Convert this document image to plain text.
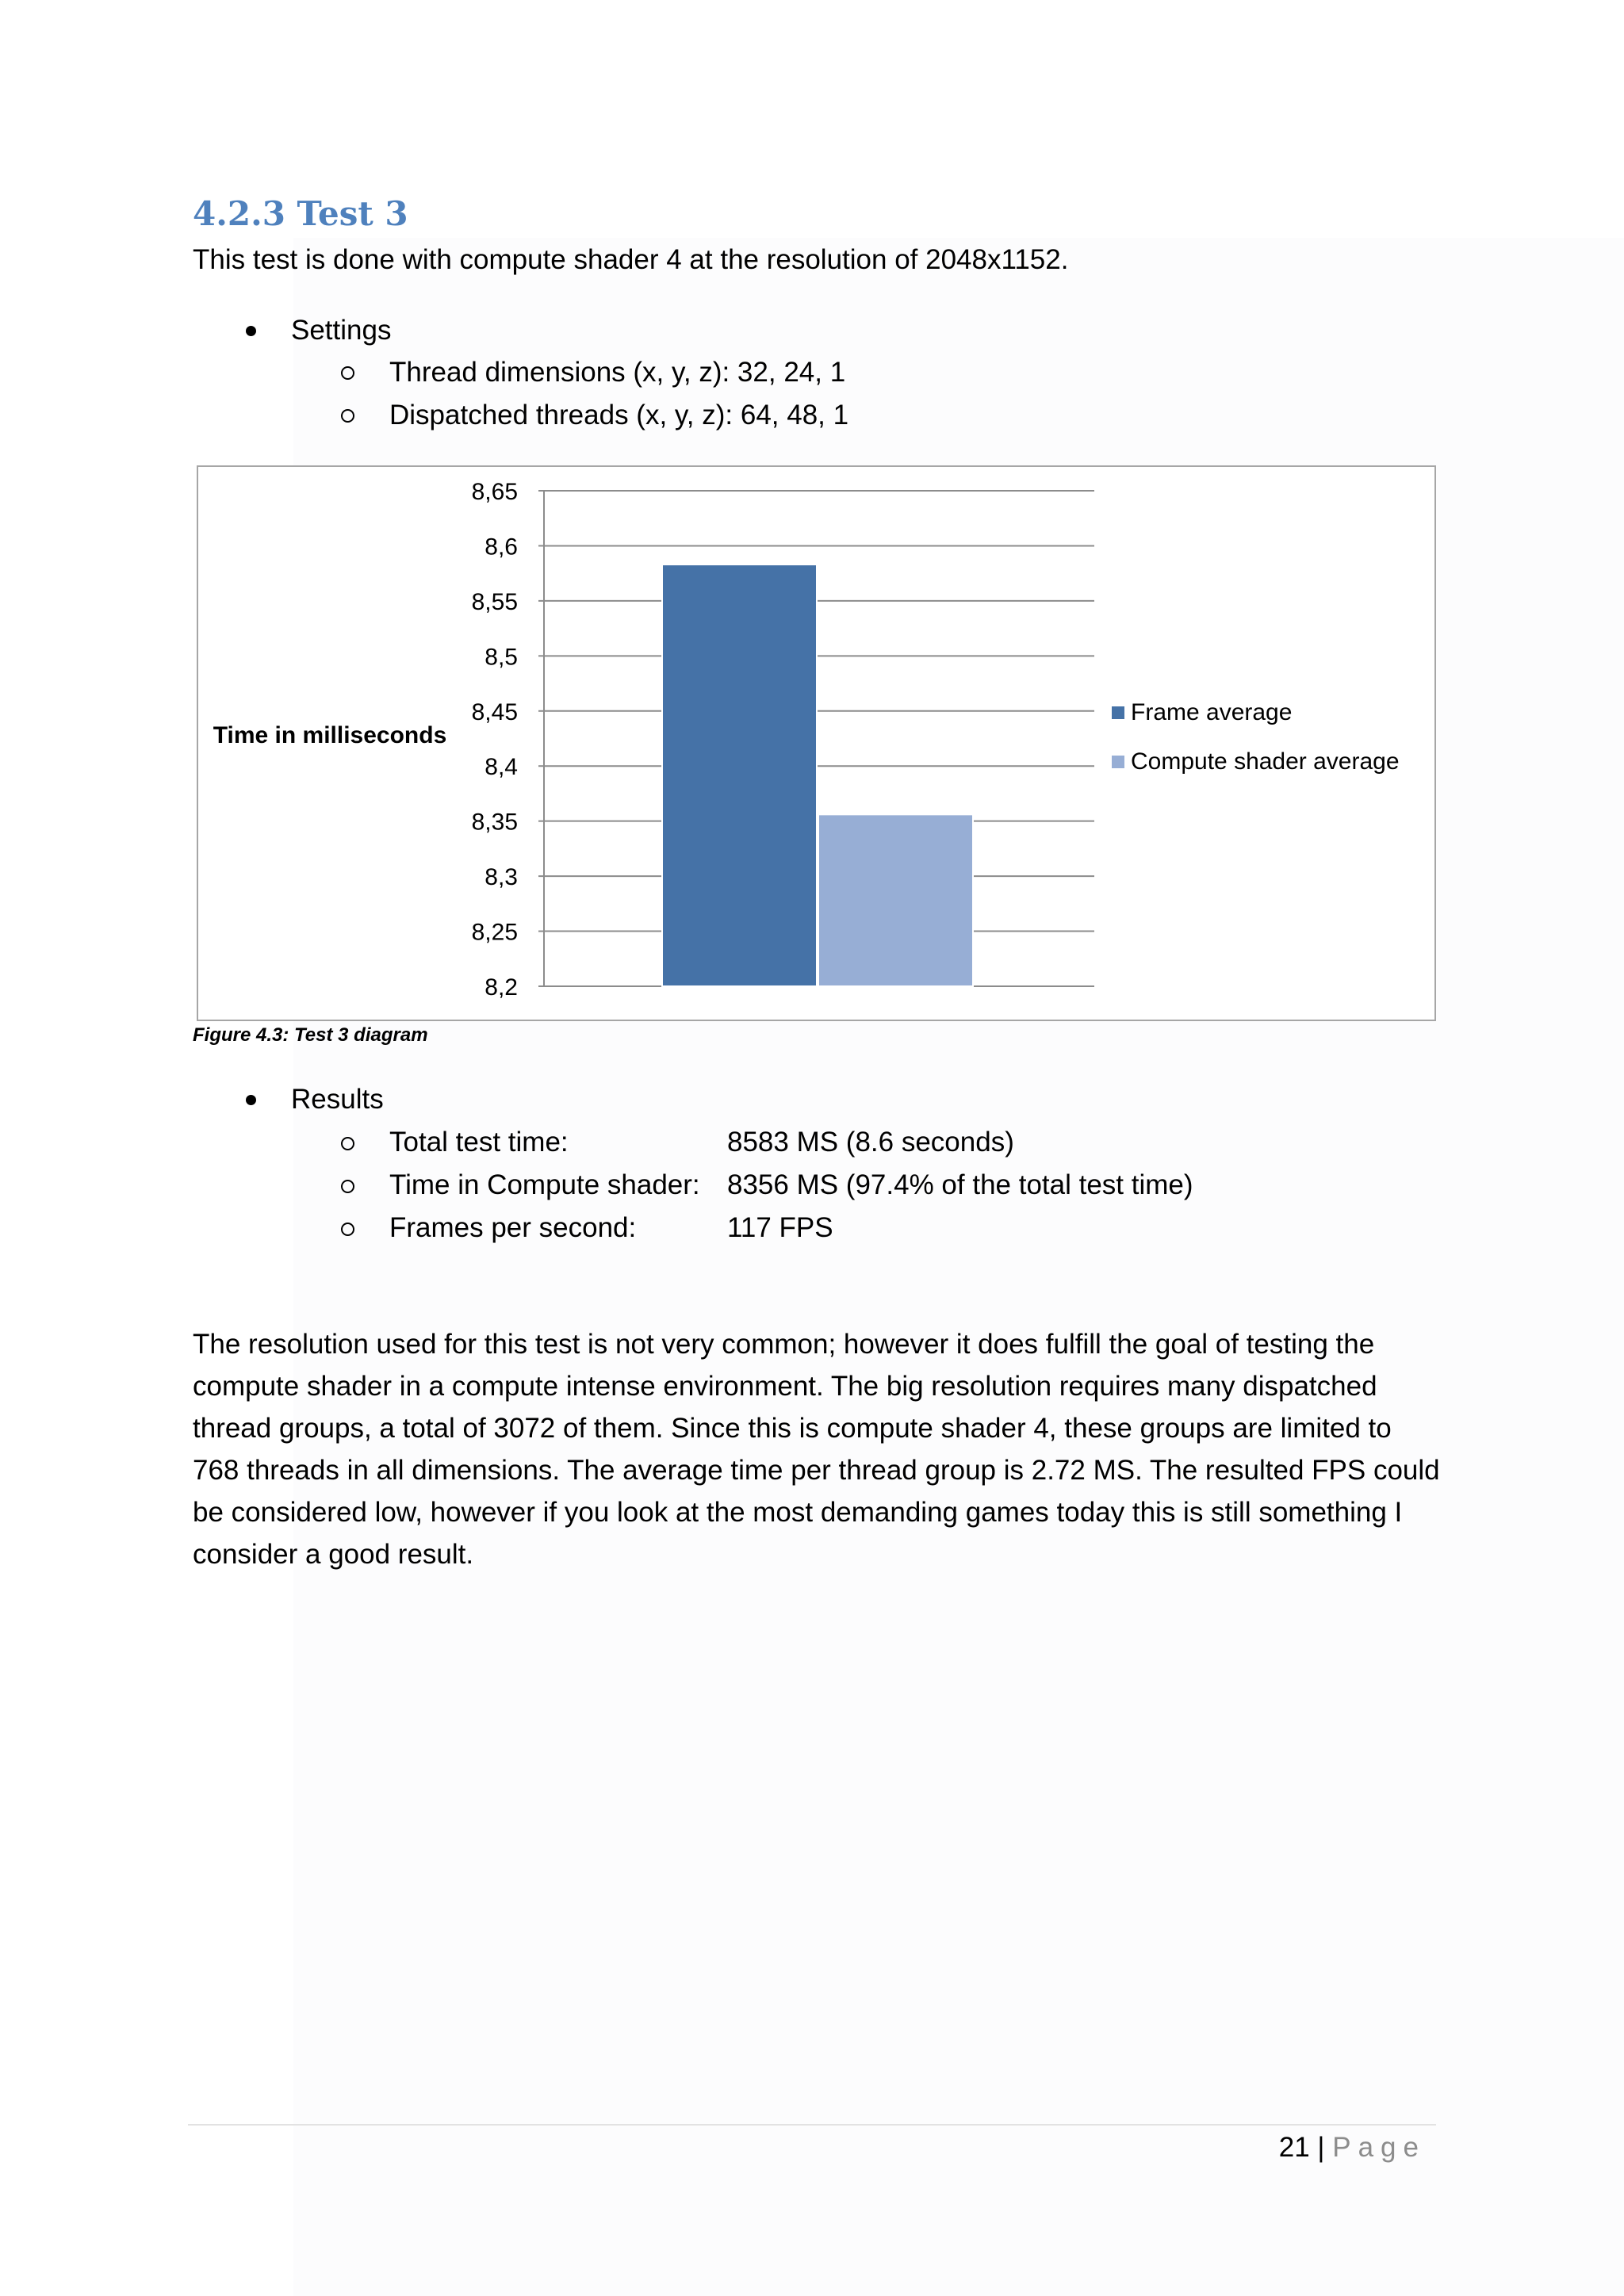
4.2.3 Test 3
This test is done with compute shader 4 at the resolution of 2048x1152.
Settings
Thread dimensions (x, y, z): 32, 24, 1
Dispatched threads (x, y, z): 64, 48, 1
8,2
8,25
8,3
8,35
8,4
8,45
8,5
8,55
8,6
8,65
Time in milliseconds
Frame average
Compute shader average
Figure 4.3: Test 3 diagram
Results
Total test time:	8583 MS (8.6 seconds)
Time in Compute shader: 8356 MS (97.4% of the total test time)
Frames per second:	117 FPS
The resolution used for this test is not very common; however it does fulfill the goal of testing the
compute shader in a compute intense environment. The big resolution requires many dispatched
thread groups, a total of 3072 of them. Since this is compute shader 4, these groups are limited to
768 threads in all dimensions. The average time per thread group is 2.72 MS. The resulted FPS could
be considered low, however if you look at the most demanding games today this is still something I
consider a good result.
21 | Page
